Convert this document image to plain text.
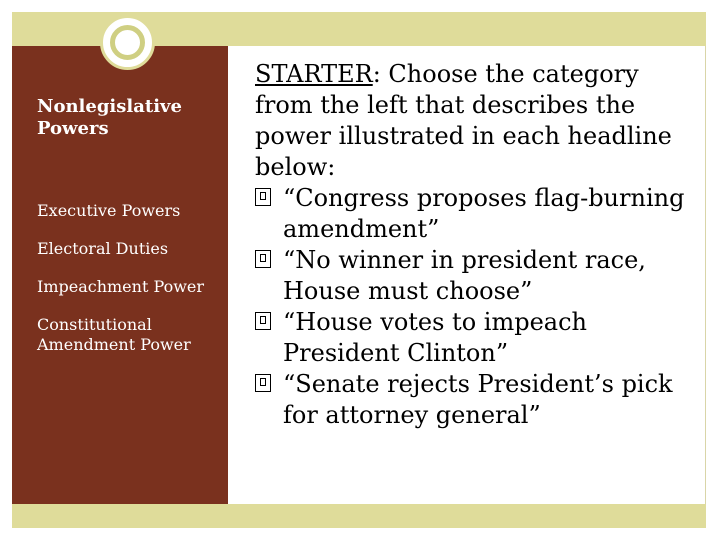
Nonlegislative Powers
Executive Powers
Electoral Duties
Impeachment Power
Constitutional Amendment Power
STARTER: Choose the category from the left that describes the power illustrated in each headline below:
“Congress proposes flag-burning amendment”
“No winner in president race, House must choose”
“House votes to impeach President Clinton”
“Senate rejects President’s pick for attorney general”
